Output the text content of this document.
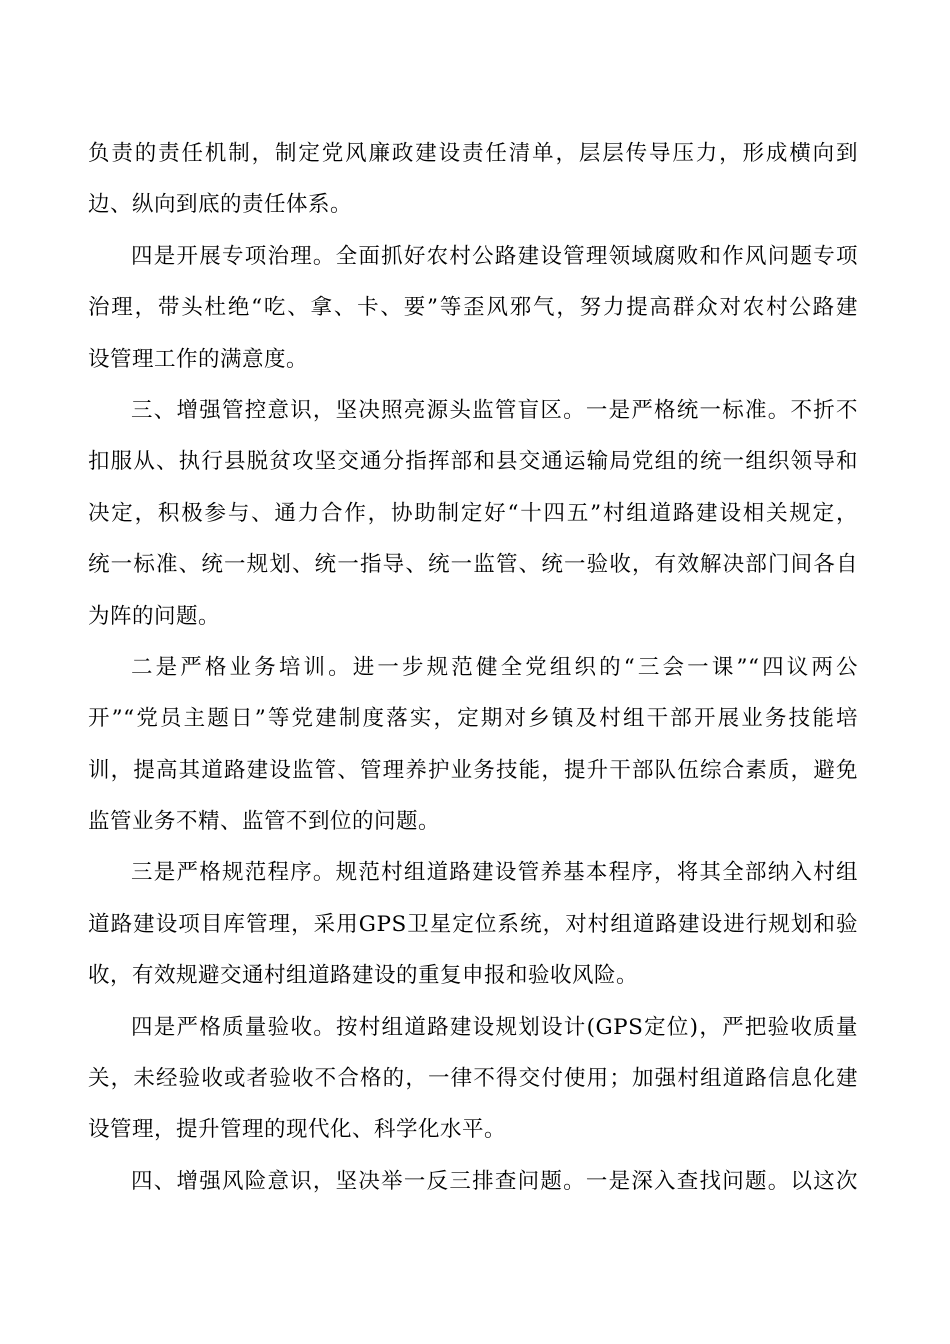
负责的责任机制，制定党风廉政建设责任清单，层层传导压力，形成横向到
边、纵向到底的责任体系。
四是开展专项治理。全面抓好农村公路建设管理领域腐败和作风问题专项
治理，带头杜绝“吃、拿、卡、要”等歪风邪气，努力提高群众对农村公路建
设管理工作的满意度。
三、增强管控意识，坚决照亮源头监管盲区。一是严格统一标准。不折不
扣服从、执行县脱贫攻坚交通分指挥部和县交通运输局党组的统一组织领导和
决定，积极参与、通力合作，协助制定好“十四五”村组道路建设相关规定，
统一标准、统一规划、统一指导、统一监管、统一验收，有效解决部门间各自
为阵的问题。
二是严格业务培训。进一步规范健全党组织的“三会一课”“四议两公
开”“党员主题日”等党建制度落实，定期对乡镇及村组干部开展业务技能培
训，提高其道路建设监管、管理养护业务技能，提升干部队伍综合素质，避免
监管业务不精、监管不到位的问题。
三是严格规范程序。规范村组道路建设管养基本程序，将其全部纳入村组
道路建设项目库管理，采用GPS卫星定位系统，对村组道路建设进行规划和验
收，有效规避交通村组道路建设的重复申报和验收风险。
四是严格质量验收。按村组道路建设规划设计(GPS定位)，严把验收质量
关，未经验收或者验收不合格的，一律不得交付使用；加强村组道路信息化建
设管理，提升管理的现代化、科学化水平。
四、增强风险意识，坚决举一反三排查问题。一是深入查找问题。以这次
